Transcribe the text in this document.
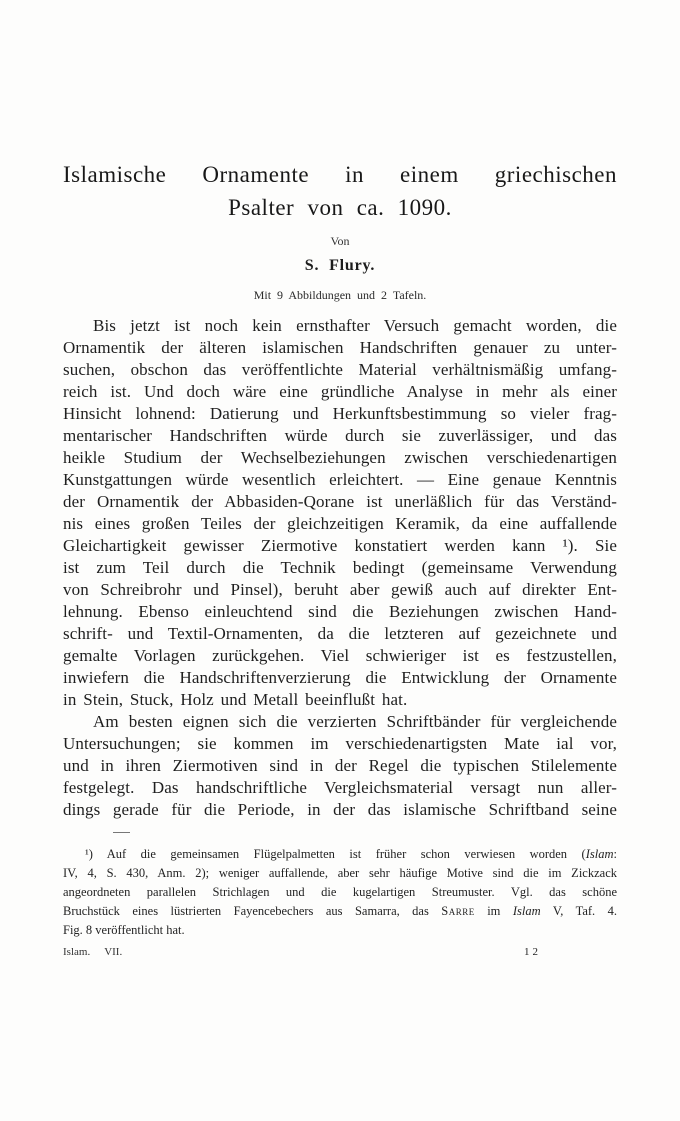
Islamische Ornamente in einem griechischen
Psalter von ca. 1090.
Von
S. Flury.
Mit 9 Abbildungen und 2 Tafeln.
Bis jetzt ist noch kein ernsthafter Versuch gemacht worden, die
Ornamentik der älteren islamischen Handschriften genauer zu unter-
suchen, obschon das veröffentlichte Material verhältnismäßig umfang-
reich ist. Und doch wäre eine gründliche Analyse in mehr als einer
Hinsicht lohnend: Datierung und Herkunftsbestimmung so vieler frag-
mentarischer Handschriften würde durch sie zuverlässiger, und das
heikle Studium der Wechselbeziehungen zwischen verschiedenartigen
Kunstgattungen würde wesentlich erleichtert. — Eine genaue Kenntnis
der Ornamentik der Abbasiden-Qorane ist unerläßlich für das Verständ-
nis eines großen Teiles der gleichzeitigen Keramik, da eine auffallende
Gleichartigkeit gewisser Ziermotive konstatiert werden kann ¹). Sie
ist zum Teil durch die Technik bedingt (gemeinsame Verwendung
von Schreibrohr und Pinsel), beruht aber gewiß auch auf direkter Ent-
lehnung. Ebenso einleuchtend sind die Beziehungen zwischen Hand-
schrift- und Textil-Ornamenten, da die letzteren auf gezeichnete und
gemalte Vorlagen zurückgehen. Viel schwieriger ist es festzustellen,
inwiefern die Handschriftenverzierung die Entwicklung der Ornamente
in Stein, Stuck, Holz und Metall beeinflußt hat.
Am besten eignen sich die verzierten Schriftbänder für vergleichende
Untersuchungen; sie kommen im verschiedenartigsten Mate ial vor,
und in ihren Ziermotiven sind in der Regel die typischen Stilelemente
festgelegt. Das handschriftliche Vergleichsmaterial versagt nun aller-
dings gerade für die Periode, in der das islamische Schriftband seine
¹) Auf die gemeinsamen Flügelpalmetten ist früher schon verwiesen worden (Islam:
IV, 4, S. 430, Anm. 2); weniger auffallende, aber sehr häufige Motive sind die im Zickzack
angeordneten parallelen Strichlagen und die kugelartigen Streumuster. Vgl. das schöne
Bruchstück eines lüstrierten Fayencebechers aus Samarra, das Sarre im Islam V, Taf. 4.
Fig. 8 veröffentlicht hat.
Islam. VII.	12
